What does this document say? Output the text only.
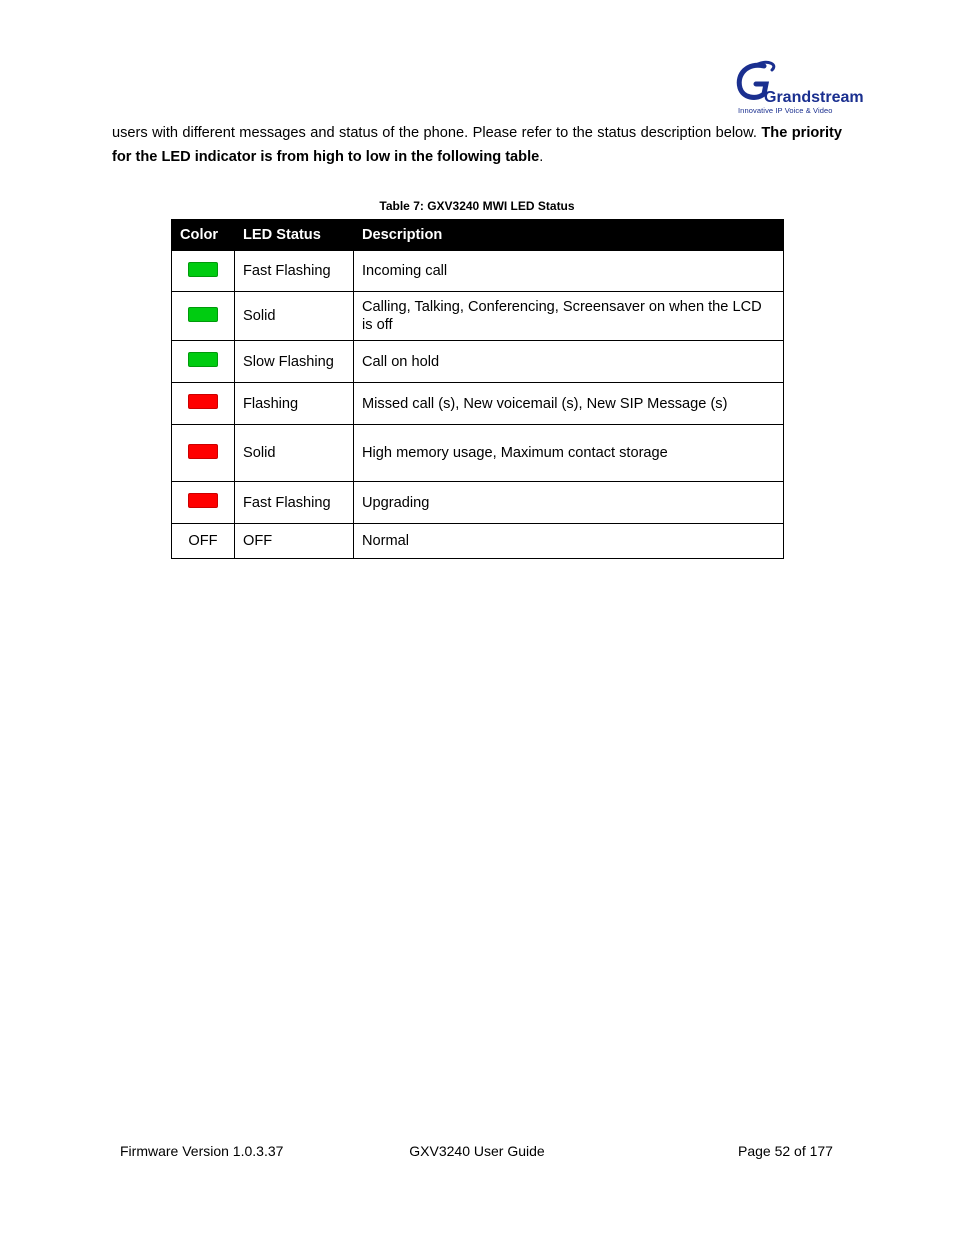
Grandstream
Innovative IP Voice & Video

users with different messages and status of the phone. Please refer to the status description below. The priority for the LED indicator is from high to low in the following table.

Table 7: GXV3240 MWI LED Status
Color	LED Status	Description
	Fast Flashing	Incoming call

	Solid	Calling, Talking, Conferencing, Screensaver on when the LCD is off

	Slow Flashing	Call on hold

	Flashing	Missed call (s), New voicemail (s), New SIP Message (s)

	Solid	High memory usage, Maximum contact storage

	Fast Flashing	Upgrading

OFF	OFF	Normal
Firmware Version 1.0.3.37	GXV3240 User Guide	Page 52 of 177
